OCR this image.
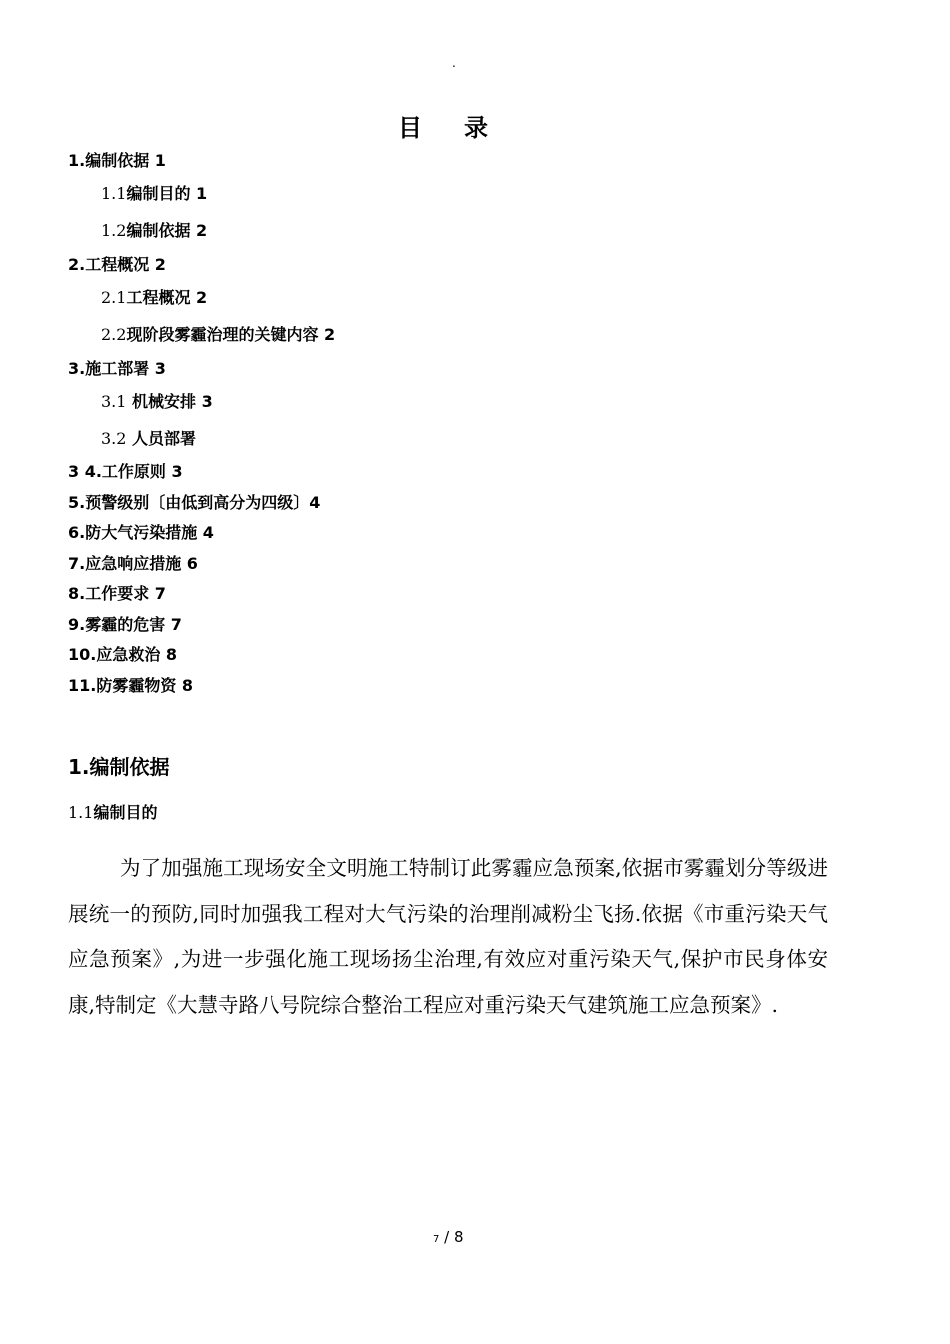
.
目 录
1.编制依据 1
1.1编制目的 1
1.2编制依据 2
2.工程概况 2
2.1工程概况 2
2.2现阶段雾霾治理的关键内容 2
3.施工部署 3
3.1 机械安排 3
3.2 人员部署
3 4.工作原则 3
5.预警级别〔由低到高分为四级〕4
6.防大气污染措施 4
7.应急响应措施 6
8.工作要求 7
9.雾霾的危害 7
10.应急救治 8
11.防雾霾物资 8
1.编制依据
1.1编制目的
为了加强施工现场安全文明施工特制订此雾霾应急预案,依据市雾霾划分等级进展统一的预防,同时加强我工程对大气污染的治理削减粉尘飞扬.依据《市重污染天气应急预案》,为进一步强化施工现场扬尘治理,有效应对重污染天气,保护市民身体安康,特制定《大慧寺路八号院综合整治工程应对重污染天气建筑施工应急预案》.
7 / 8
